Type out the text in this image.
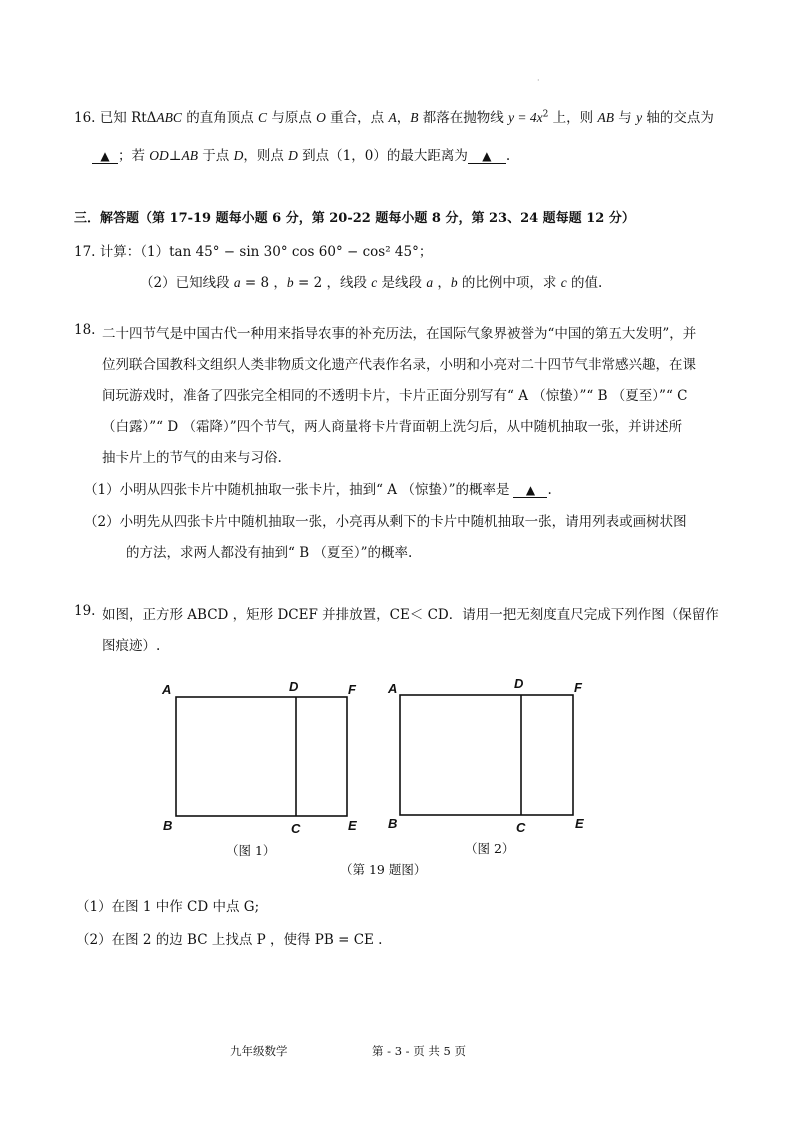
·
16. 已知 RtΔABC 的直角顶点 C 与原点 O 重合，点 A，B 都落在抛物线 $y = 4x^2$ 上，则 AB 与 y 轴的交点为
▲ ；若 OD⊥AB 于点 D，则点 D 到点（1，0）的最大距离为 ▲ .
三．解答题（第 17-19 题每小题 6 分，第 20-22 题每小题 8 分，第 23、24 题每题 12 分）
17. 计算：（1）tan 45° − sin 30° cos 60° − cos² 45°；
（2）已知线段 a = 8 ，b = 2 ，线段 c 是线段 a ，b 的比例中项，求 c 的值.
18. 二十四节气是中国古代一种用来指导农事的补充历法，在国际气象界被誉为“中国的第五大发明”，并
位列联合国教科文组织人类非物质文化遗产代表作名录，小明和小亮对二十四节气非常感兴趣，在课
间玩游戏时，准备了四张完全相同的不透明卡片，卡片正面分别写有“ A （惊蛰）”“ B （夏至）”“ C
（白露）”“ D （霜降）”四个节气，两人商量将卡片背面朝上洗匀后，从中随机抽取一张，并讲述所
抽卡片上的节气的由来与习俗.
（1）小明从四张卡片中随机抽取一张卡片，抽到“ A （惊蛰）”的概率是 ▲ .
（2）小明先从四张卡片中随机抽取一张，小亮再从剩下的卡片中随机抽取一张，请用列表或画树状图
的方法，求两人都没有抽到“ B （夏至）”的概率.
19. 如图，正方形 ABCD ，矩形 DCEF 并排放置，CE＜ CD．请用一把无刻度直尺完成下列作图（保留作
图痕迹）.
A	D	F
B	C	E
（图 1）
A	D	F
B	C	E
（图 2）
（第 19 题图）
（1）在图 1 中作 CD 中点 G;
（2）在图 2 的边 BC 上找点 P ，使得 PB = CE .
九年级数学	第 - 3 - 页 共 5 页
